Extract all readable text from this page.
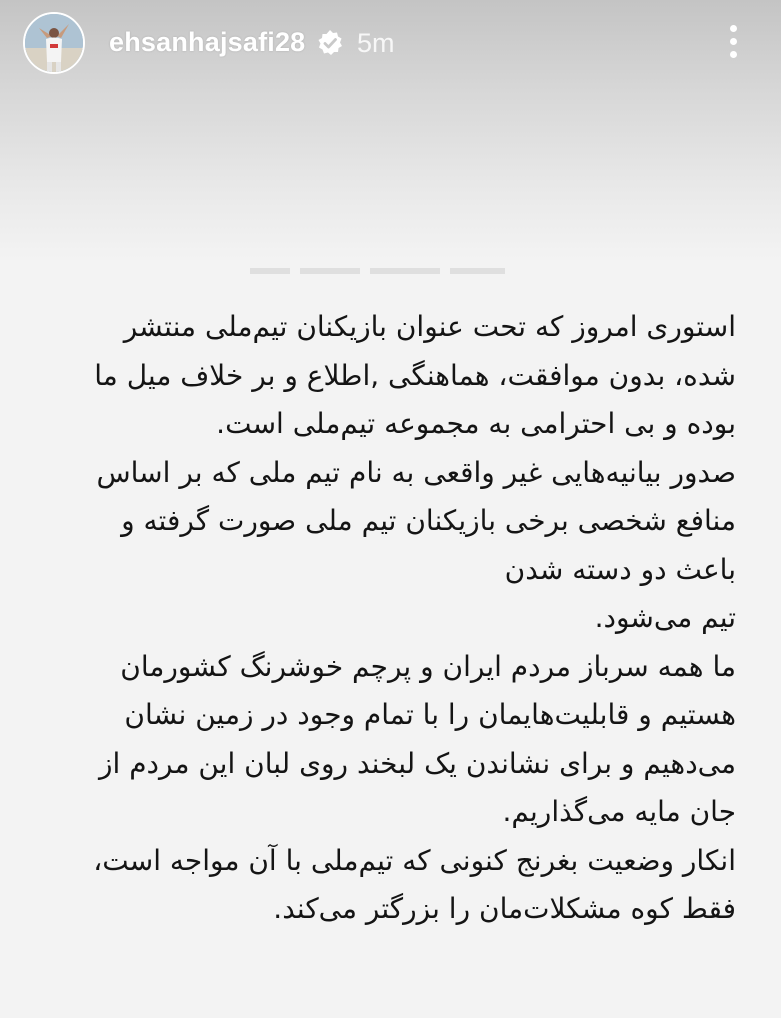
ehsanhajsafi28 5m
استوری امروز که تحت عنوان بازیکنان تیم‌ملی منتشر
شده، بدون موافقت، هماهنگی ,اطلاع و بر خلاف میل ما
بوده و بی احترامی به مجموعه تیم‌ملی است.
صدور بیانیه‌هایی غیر واقعی به نام تیم ملی که بر اساس
منافع شخصی برخی بازیکنان تیم ملی صورت گرفته و
باعث دو دسته شدن
تیم می‌شود.
ما همه سرباز مردم ایران و پرچم خوشرنگ کشورمان
هستیم و قابلیت‌هایمان را با تمام وجود در زمین نشان
می‌دهیم و برای نشاندن یک لبخند روی لبان این مردم از
جان مایه می‌گذاریم.
انکار وضعیت بغرنج کنونی که تیم‌ملی با آن مواجه است،
فقط کوه مشکلات‌مان را بزرگتر می‌کند.
